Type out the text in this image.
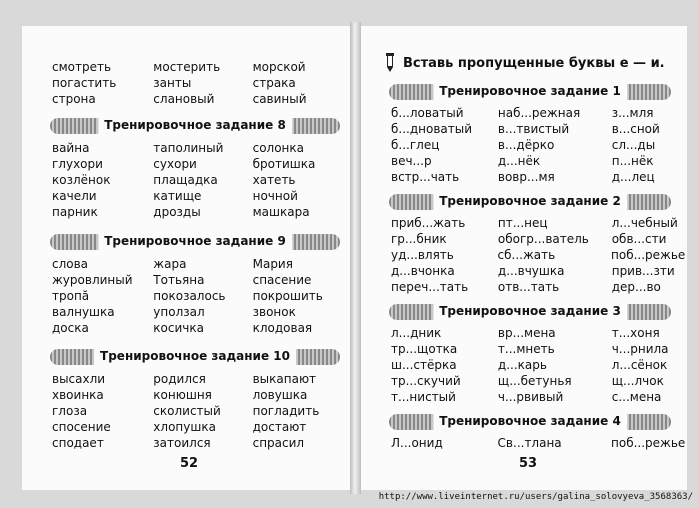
смотреть	мостерить	морской
погастить	занты	страка
строна	слановый	савиный
Тренировочное задание 8
вайна	таполиный	солонка
глухори	сухори	бротишка
козлёнок	плащадка	хатеть
качели	катище	ночной
парник	дрозды	машкара
Тренировочное задание 9
слова	жара	Мария
журовлиный	Тотьяна	спасение
тропӑ	покозалось	покрошить
валнушка	уползал	звонок
доска	косичка	клодовая
Тренировочное задание 10
высахли	родился	выкапают
хвоинка	конюшня	ловушка
глоза	сколистый	погладить
спосение	хлопушка	достают
сподает	затоился	спрасил
52
Вставь пропущенные буквы е — и.
Тренировочное задание 1
б...ловатый	наб...режная	з...мля
б...дноватый	в...твистый	в...сной
б...глец	в...дёрко	сл...ды
веч...р	д...нёк	п...нёк
встр...чать	вовр...мя	д...лец
Тренировочное задание 2
приб...жать	пт...нец	л...чебный
гр...бник	обогр...ватель	обв...сти
уд...влять	сб...жать	поб...режье
д...вчонка	д...вчушка	прив...зти
переч...тать	отв...тать	дер...во
Тренировочное задание 3
л...дник	вр...мена	т...хоня
тр...щотка	т...мнеть	ч...рнила
ш...стёрка	д...карь	л...сёнок
тр...скучий	щ...бетунья	щ...лчок
т...нистый	ч...рвивый	с...мена
Тренировочное задание 4
Л...онид	Св...тлана	поб...режье
53
http://www.liveinternet.ru/users/galina_solovyeva_3568363/
